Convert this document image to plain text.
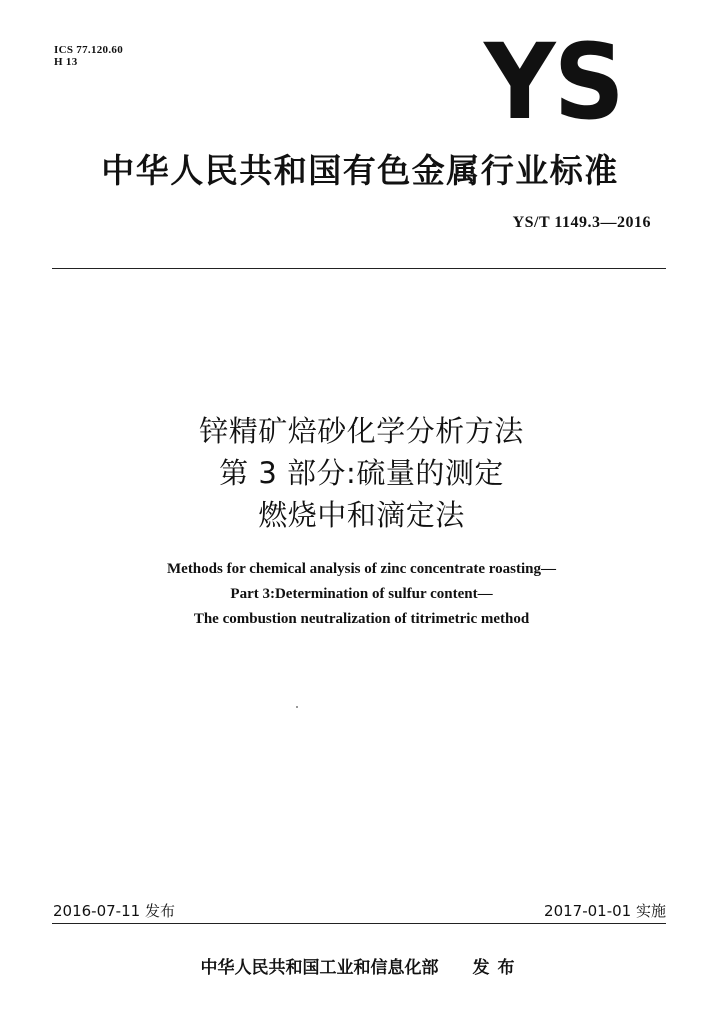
ICS 77.120.60
H 13	YS
中华人民共和国有色金属行业标准
YS/T 1149.3—2016
锌精矿焙砂化学分析方法
第 3 部分:硫量的测定
燃烧中和滴定法
Methods for chemical analysis of zinc concentrate roasting—
Part 3:Determination of sulfur content—
The combustion neutralization of titrimetric method
2016-07-11 发布	2017-01-01 实施
中华人民共和国工业和信息化部 发布
